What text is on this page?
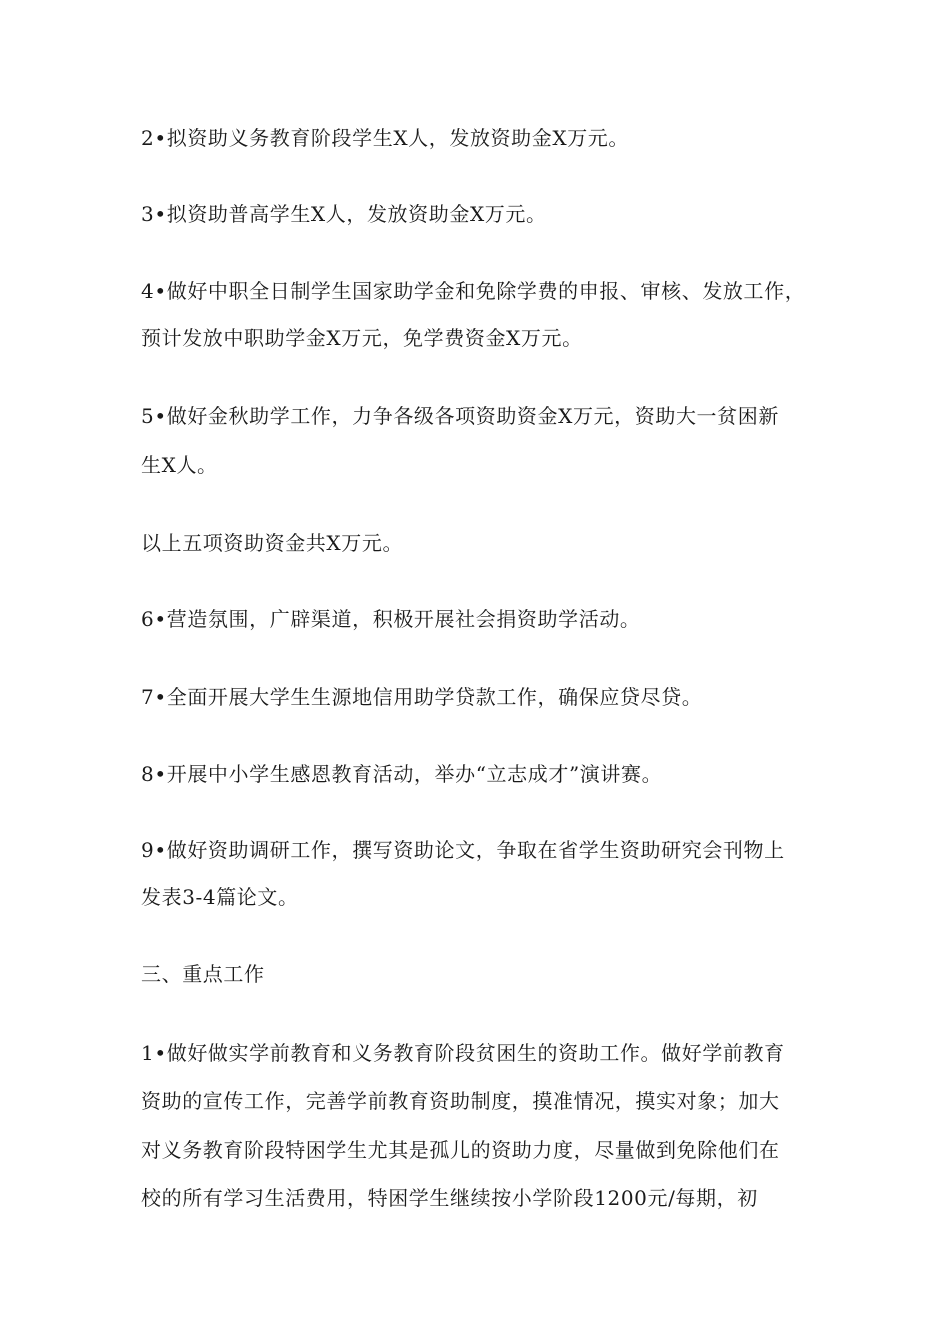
2•拟资助义务教育阶段学生X人，发放资助金X万元。

3•拟资助普高学生X人，发放资助金X万元。

4•做好中职全日制学生国家助学金和免除学费的申报、审核、发放工作，

预计发放中职助学金X万元，免学费资金X万元。

5•做好金秋助学工作，力争各级各项资助资金X万元，资助大一贫困新

生X人。

以上五项资助资金共X万元。

6•营造氛围，广辟渠道，积极开展社会捐资助学活动。

7•全面开展大学生生源地信用助学贷款工作，确保应贷尽贷。

8•开展中小学生感恩教育活动，举办“立志成才”演讲赛。

9•做好资助调研工作，撰写资助论文，争取在省学生资助研究会刊物上

发表3-4篇论文。

三、重点工作

1•做好做实学前教育和义务教育阶段贫困生的资助工作。做好学前教育

资助的宣传工作，完善学前教育资助制度，摸准情况，摸实对象；加大

对义务教育阶段特困学生尤其是孤儿的资助力度，尽量做到免除他们在

校的所有学习生活费用，特困学生继续按小学阶段1200元/每期，初
